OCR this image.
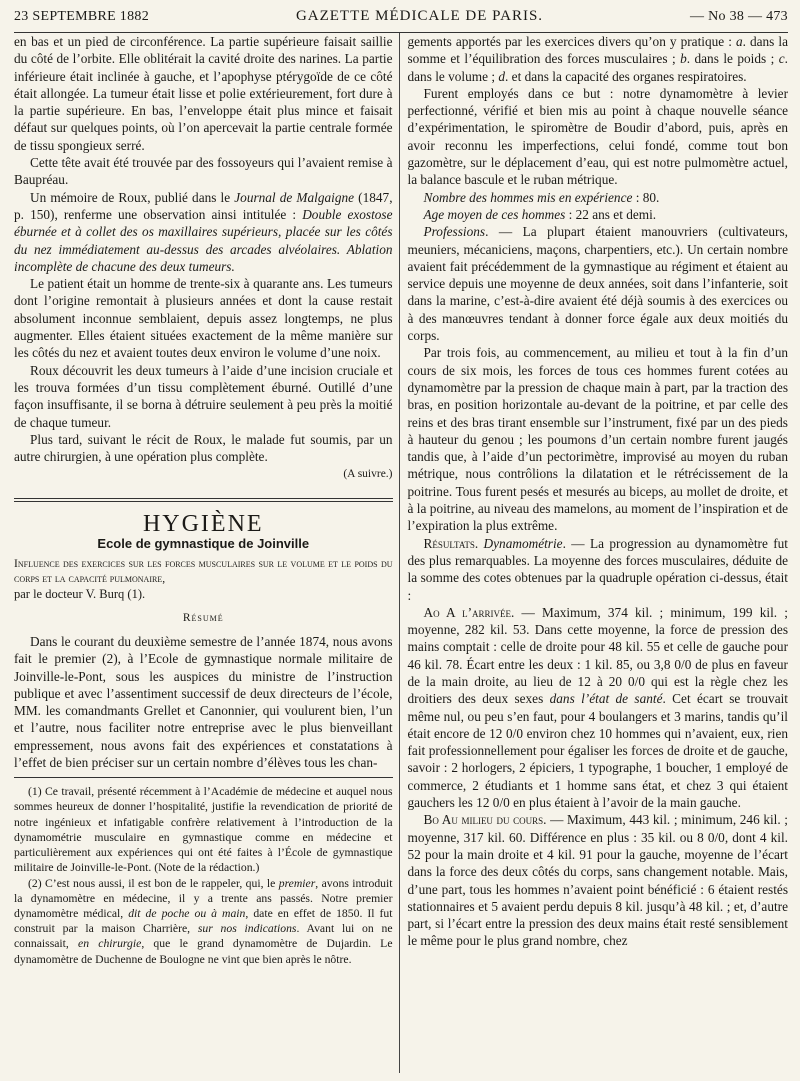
23 SEPTEMBRE 1882	GAZETTE MÉDICALE DE PARIS.	— No 38 — 473

en bas et un pied de circonférence. La partie supérieure faisait saillie du côté de l’orbite. Elle oblitérait la cavité droite des narines. La partie inférieure était inclinée à gauche, et l’apophyse ptérygoïde de ce côté était allongée. La tumeur était lisse et polie extérieurement, fort dure à la partie supérieure. En bas, l’enveloppe était plus mince et faisait défaut sur quelques points, où l’on apercevait la partie centrale formée de tissu spongieux serré.

Cette tête avait été trouvée par des fossoyeurs qui l’avaient remise à Baupréau.

Un mémoire de Roux, publié dans le Journal de Malgaigne (1847, p. 150), renferme une observation ainsi intitulée : Double exostose éburnée et à collet des os maxillaires supérieurs, placée sur les côtés du nez immédiatement au-dessus des arcades alvéolaires. Ablation incomplète de chacune des deux tumeurs.

Le patient était un homme de trente-six à quarante ans. Les tumeurs dont l’origine remontait à plusieurs années et dont la cause restait absolument inconnue semblaient, depuis assez longtemps, ne plus augmenter. Elles étaient situées exactement de la même manière sur les côtés du nez et avaient toutes deux environ le volume d’une noix.

Roux découvrit les deux tumeurs à l’aide d’une incision cruciale et les trouva formées d’un tissu complètement éburné. Outillé d’une façon insuffisante, il se borna à détruire seulement à peu près la moitié de chaque tumeur.

Plus tard, suivant le récit de Roux, le malade fut soumis, par un autre chirurgien, à une opération plus complète.

(A suivre.)
HYGIÈNE
Ecole de gymnastique de Joinville

Influence des exercices sur les forces musculaires sur le volume et le poids du corps et la capacité pulmonaire,

par le docteur V. Burq (1).

Résumé

Dans le courant du deuxième semestre de l’année 1874, nous avons fait le premier (2), à l’Ecole de gymnastique normale militaire de Joinville-le-Pont, sous les auspices du ministre de l’instruction publique et avec l’assentiment successif de deux directeurs de l’école, MM. les comandmants Grellet et Canonnier, qui voulurent bien, l’un et l’autre, nous faciliter notre entreprise avec le plus bienveillant empressement, nous avons fait des expériences et constatations à l’effet de bien préciser sur un certain nombre d’élèves tous les chan-

(1) Ce travail, présenté récemment à l’Académie de médecine et auquel nous sommes heureux de donner l’hospitalité, justifie la revendication de priorité de notre ingénieux et infatigable confrère relativement à l’introduction de la dynamométrie musculaire en gymnastique comme en médecine et particulièrement aux expériences qui ont été faites à l’École de gymnastique militaire de Joinville-le-Pont. (Note de la rédaction.)

(2) C’est nous aussi, il est bon de le rappeler, qui, le premier, avons introduit la dynamomètre en médecine, il y a trente ans passés. Notre premier dynamomètre médical, dit de poche ou à main, date en effet de 1850. Il fut construit par la maison Charrière, sur nos indications. Avant lui on ne connaissait, en chirurgie, que le grand dynamomètre de Dujardin. Le dynamomètre de Duchenne de Boulogne ne vint que bien après le nôtre.

gements apportés par les exercices divers qu’on y pratique : a. dans la somme et l’équilibration des forces musculaires ; b. dans le poids ; c. dans le volume ; d. et dans la capacité des organes respiratoires.

Furent employés dans ce but : notre dynamomètre à levier perfectionné, vérifié et bien mis au point à chaque nouvelle séance d’expérimentation, le spiromètre de Boudir d’abord, puis, après en avoir reconnu les imperfections, celui fondé, comme tout bon gazomètre, sur le déplacement d’eau, qui est notre pulmomètre actuel, la balance bascule et le ruban métrique.

Nombre des hommes mis en expérience : 80.

Age moyen de ces hommes : 22 ans et demi.

Professions. — La plupart étaient manouvriers (cultivateurs, meuniers, mécaniciens, maçons, charpentiers, etc.). Un certain nombre avaient fait précédemment de la gymnastique au régiment et étaient au service depuis une moyenne de deux années, soit dans l’infanterie, soit dans la marine, c’est-à-dire avaient été déjà soumis à des exercices ou à des manœuvres tendant à donner force égale aux deux moitiés du corps.

Par trois fois, au commencement, au milieu et tout à la fin d’un cours de six mois, les forces de tous ces hommes furent cotées au dynamomètre par la pression de chaque main à part, par la traction des bras, en position horizontale au-devant de la poitrine, et par celle des reins et des bras tirant ensemble sur l’instrument, fixé par un des pieds à hauteur du genou ; les poumons d’un certain nombre furent jaugés tandis que, à l’aide d’un pectorimètre, improvisé au moyen du ruban métrique, nous contrôlions la dilatation et le rétrécissement de la poitrine. Tous furent pesés et mesurés au biceps, au mollet de droite, et à la poitrine, au niveau des mamelons, au moment de l’inspiration et de l’expiration la plus extrême.

Résultats. Dynamométrie. — La progression au dynamomètre fut des plus remarquables. La moyenne des forces musculaires, déduite de la somme des cotes obtenues par la quadruple opération ci-dessus, était :

Ao A l’arrivée. — Maximum, 374 kil. ; minimum, 199 kil. ; moyenne, 282 kil. 53. Dans cette moyenne, la force de pression des mains comptait : celle de droite pour 48 kil. 55 et celle de gauche pour 46 kil. 78. Écart entre les deux : 1 kil. 85, ou 3,8 0/0 de plus en faveur de la main droite, au lieu de 12 à 20 0/0 qui est la règle chez les droitiers des deux sexes dans l’état de santé. Cet écart se trouvait même nul, ou peu s’en faut, pour 4 boulangers et 3 marins, tandis qu’il était encore de 12 0/0 environ chez 10 hommes qui n’avaient, eux, rien fait professionnellement pour égaliser les forces de droite et de gauche, savoir : 2 horlogers, 2 épiciers, 1 typographe, 1 boucher, 1 employé de commerce, 2 étudiants et 1 homme sans état, et chez 3 qui étaient gauchers les 12 0/0 en plus étaient à l’avoir de la main gauche.

Bo Au milieu du cours. — Maximum, 443 kil. ; minimum, 246 kil. ; moyenne, 317 kil. 60. Différence en plus : 35 kil. ou 8 0/0, dont 4 kil. 52 pour la main droite et 4 kil. 91 pour la gauche, moyenne de l’écart dans la force des deux côtés du corps, sans changement notable. Mais, d’une part, tous les hommes n’avaient point bénéficié : 6 étaient restés stationnaires et 5 avaient perdu depuis 8 kil. jusqu’à 48 kil. ; et, d’autre part, si l’écart entre la pression des deux mains était resté sensiblement le même pour le plus grand nombre, chez
